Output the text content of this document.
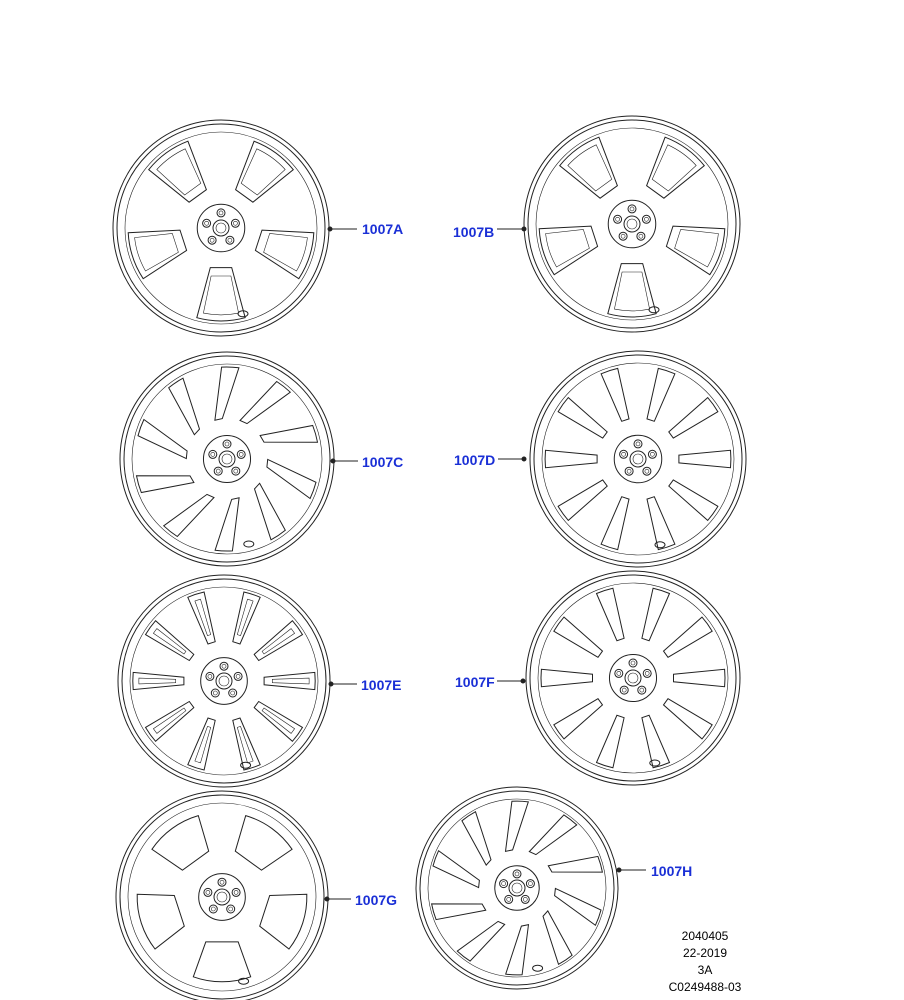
1007A	1007B
1007C	1007D
1007E	1007F
1007G
1007H
2040405
22-2019
3A
C0249488-03
